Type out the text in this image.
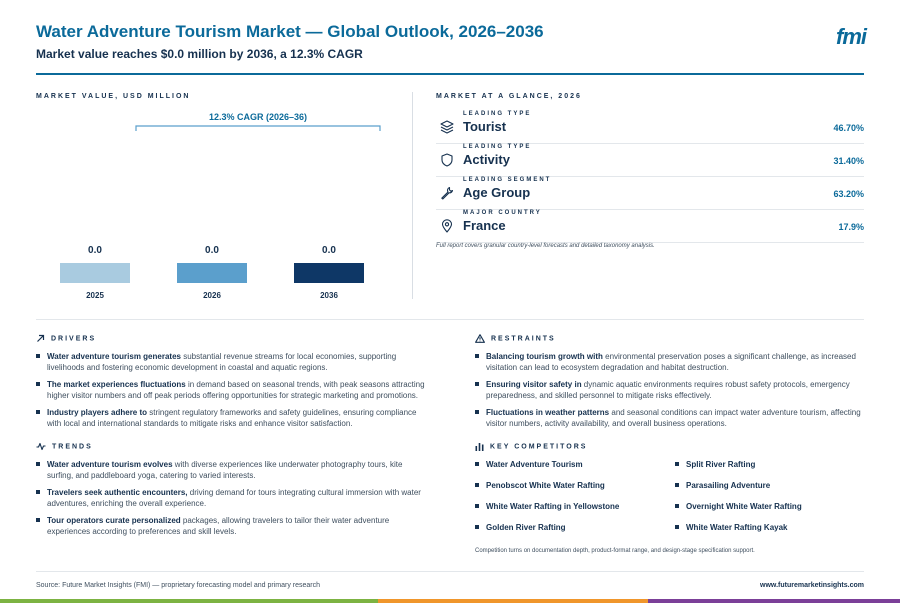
Water Adventure Tourism Market — Global Outlook, 2026–2036
Market value reaches $0.0 million by 2036, a 12.3% CAGR
fmi
MARKET VALUE, USD MILLION
12.3% CAGR (2026–36)
0.0	0.0	0.0
2025	2026	2036
MARKET AT A GLANCE, 2026
LEADING TYPE
Tourist	46.70%
LEADING TYPE
Activity	31.40%
LEADING SEGMENT
Age Group	63.20%
MAJOR COUNTRY
France	17.9%
Full report covers granular country-level forecasts and detailed taxonomy analysis.
DRIVERS
Water adventure tourism generates substantial revenue streams for local economies, supporting livelihoods and fostering economic development in coastal and aquatic regions.
The market experiences fluctuations in demand based on seasonal trends, with peak seasons attracting higher visitor numbers and off peak periods offering opportunities for strategic marketing and promotions.
Industry players adhere to stringent regulatory frameworks and safety guidelines, ensuring compliance with local and international standards to mitigate risks and enhance visitor satisfaction.
TRENDS
Water adventure tourism evolves with diverse experiences like underwater photography tours, kite surfing, and paddleboard yoga, catering to varied interests.
Travelers seek authentic encounters, driving demand for tours integrating cultural immersion with water adventures, enriching the overall experience.
Tour operators curate personalized packages, allowing travelers to tailor their water adventure experiences according to preferences and skill levels.
RESTRAINTS
Balancing tourism growth with environmental preservation poses a significant challenge, as increased visitation can lead to ecosystem degradation and habitat destruction.
Ensuring visitor safety in dynamic aquatic environments requires robust safety protocols, emergency preparedness, and skilled personnel to mitigate risks effectively.
Fluctuations in weather patterns and seasonal conditions can impact water adventure tourism, affecting visitor numbers, activity availability, and overall business operations.
KEY COMPETITORS
Water Adventure Tourism
Penobscot White Water Rafting
White Water Rafting in Yellowstone
Golden River Rafting
Split River Rafting
Parasailing Adventure
Overnight White Water Rafting
White Water Rafting Kayak
Competition turns on documentation depth, product-format range, and design-stage specification support.
Source: Future Market Insights (FMI) — proprietary forecasting model and primary research	www.futuremarketinsights.com
